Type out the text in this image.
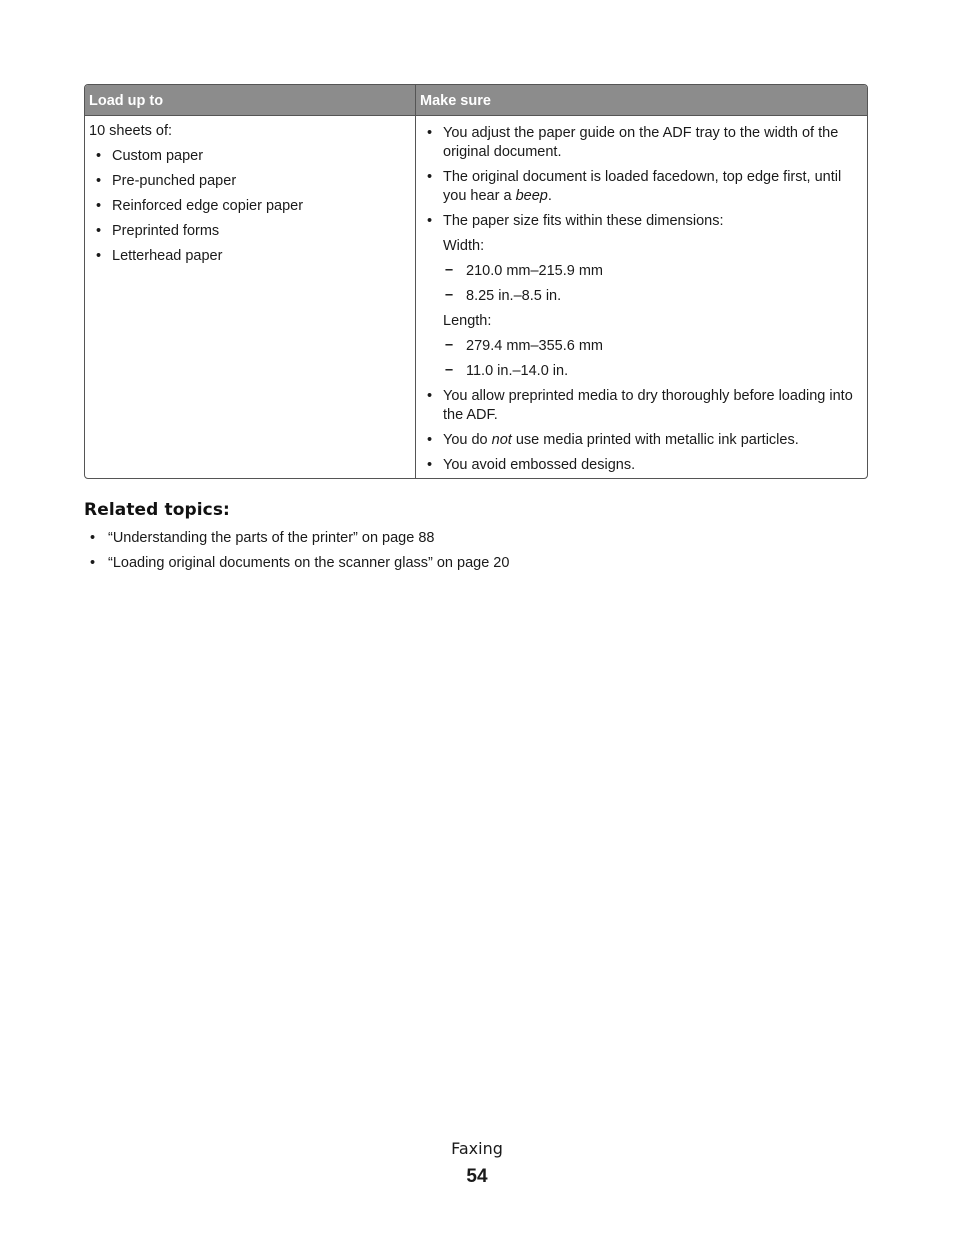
Load up to	Make sure

10 sheets of:

• Custom paper
• Pre-punched paper
• Reinforced edge copier paper
• Preprinted forms
• Letterhead paper
• You adjust the paper guide on the ADF tray to the width of the original document.
• The original document is loaded facedown, top edge first, until you hear a beep.
• The paper size fits within these dimensions:
Width:
– 210.0 mm–215.9 mm
– 8.25 in.–8.5 in.
Length:
– 279.4 mm–355.6 mm
– 11.0 in.–14.0 in.
• You allow preprinted media to dry thoroughly before loading into the ADF.
• You do not use media printed with metallic ink particles.
• You avoid embossed designs.
Related topics:
• “Understanding the parts of the printer” on page 88
• “Loading original documents on the scanner glass” on page 20
Faxing
54
